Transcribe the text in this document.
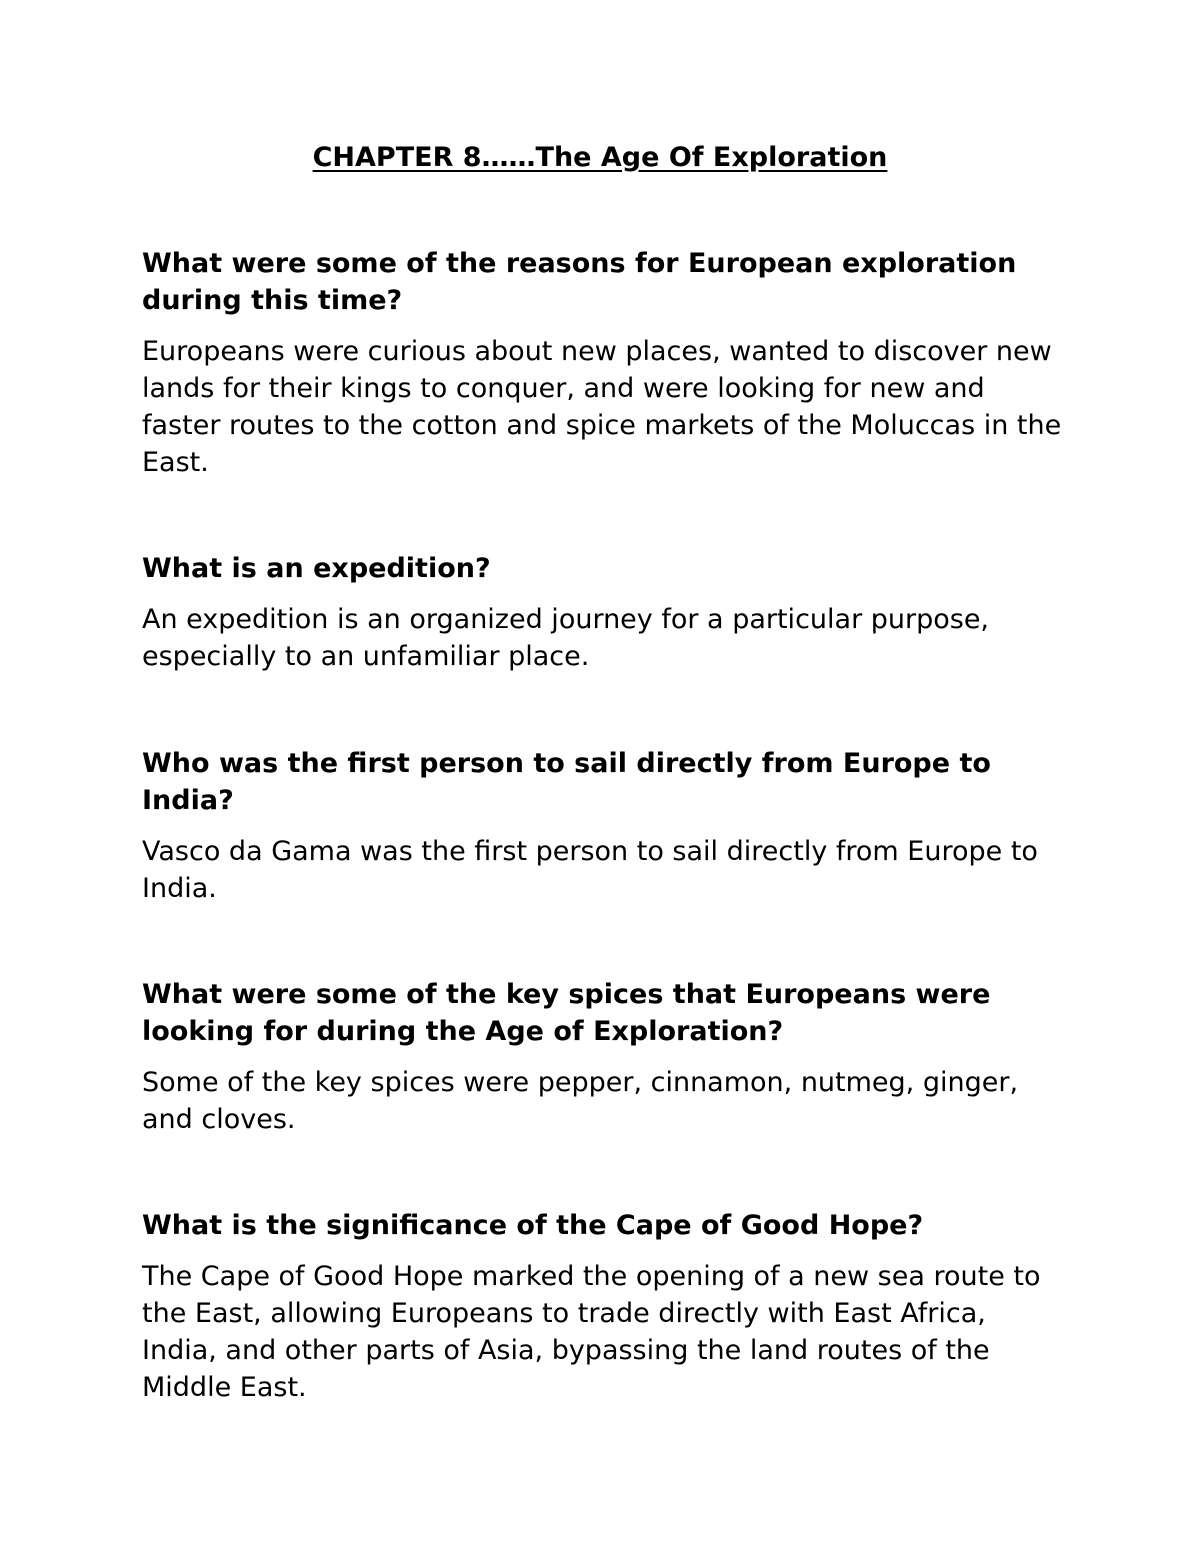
CHAPTER 8……The Age Of Exploration

What were some of the reasons for European exploration during this time?

Europeans were curious about new places, wanted to discover new lands for their kings to conquer, and were looking for new and faster routes to the cotton and spice markets of the Moluccas in the East.

What is an expedition?

An expedition is an organized journey for a particular purpose, especially to an unfamiliar place.

Who was the first person to sail directly from Europe to India?

Vasco da Gama was the first person to sail directly from Europe to India.

What were some of the key spices that Europeans were looking for during the Age of Exploration?

Some of the key spices were pepper, cinnamon, nutmeg, ginger, and cloves.

What is the significance of the Cape of Good Hope?

The Cape of Good Hope marked the opening of a new sea route to the East, allowing Europeans to trade directly with East Africa, India, and other parts of Asia, bypassing the land routes of the Middle East.
